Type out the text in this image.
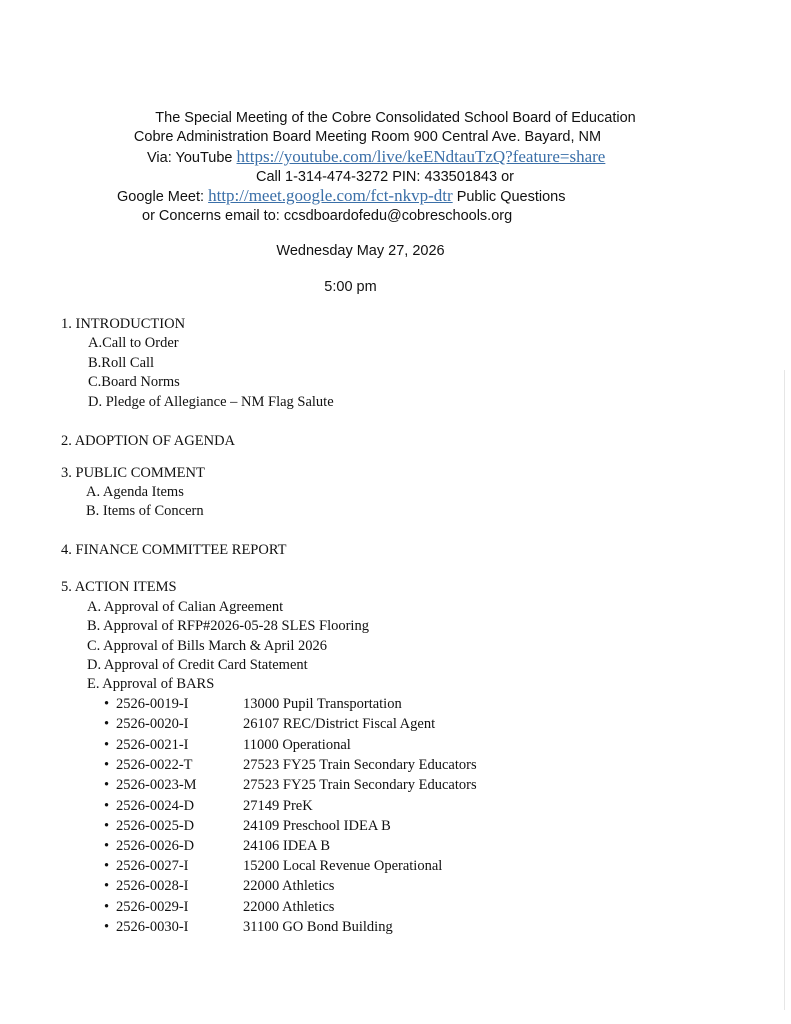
The Special Meeting of the Cobre Consolidated School Board of Education
Cobre Administration Board Meeting Room 900 Central Ave. Bayard, NM
Via: YouTube https://youtube.com/live/keENdtauTzQ?feature=share
Call 1-314-474-3272 PIN: 433501843 or
Google Meet: http://meet.google.com/fct-nkvp-dtr Public Questions
or Concerns email to: ccsdboardofedu@cobreschools.org
Wednesday May 27, 2026
5:00 pm
1. INTRODUCTION
A.Call to Order
B.Roll Call
C.Board Norms
D. Pledge of Allegiance – NM Flag Salute
2. ADOPTION OF AGENDA
3. PUBLIC COMMENT
A. Agenda Items
B. Items of Concern
4. FINANCE COMMITTEE REPORT
5. ACTION ITEMS
A. Approval of Calian Agreement
B. Approval of RFP#2026-05-28 SLES Flooring
C. Approval of Bills March & April 2026
D. Approval of Credit Card Statement
E. Approval of BARS
• 2526-0019-I	13000 Pupil Transportation
• 2526-0020-I	26107 REC/District Fiscal Agent
• 2526-0021-I	11000 Operational
• 2526-0022-T	27523 FY25 Train Secondary Educators
• 2526-0023-M	27523 FY25 Train Secondary Educators
• 2526-0024-D	27149 PreK
• 2526-0025-D	24109 Preschool IDEA B
• 2526-0026-D	24106 IDEA B
• 2526-0027-I	15200 Local Revenue Operational
• 2526-0028-I	22000 Athletics
• 2526-0029-I	22000 Athletics
• 2526-0030-I	31100 GO Bond Building
